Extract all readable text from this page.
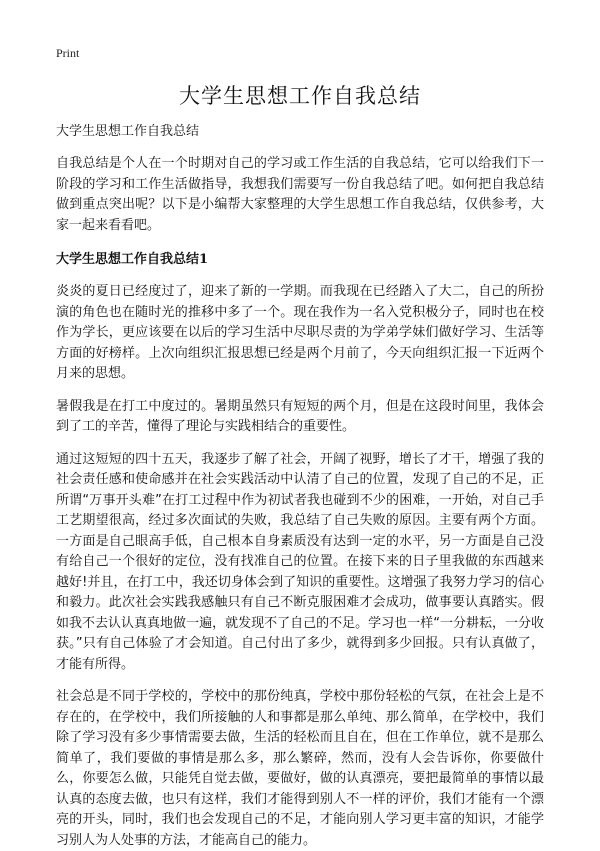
Print

大学生思想工作自我总结

大学生思想工作自我总结

自我总结是个人在一个时期对自己的学习或工作生活的自我总结，它可以给我们下一阶段的学习和工作生活做指导，我想我们需要写一份自我总结了吧。如何把自我总结做到重点突出呢？以下是小编帮大家整理的大学生思想工作自我总结，仅供参考，大家一起来看看吧。

大学生思想工作自我总结1

炎炎的夏日已经度过了，迎来了新的一学期。而我现在已经踏入了大二，自己的所扮演的角色也在随时光的推移中多了一个。现在我作为一名入党积极分子，同时也在校作为学长，更应该要在以后的学习生活中尽职尽责的为学弟学妹们做好学习、生活等方面的好榜样。上次向组织汇报思想已经是两个月前了，今天向组织汇报一下近两个月来的思想。

暑假我是在打工中度过的。暑期虽然只有短短的两个月，但是在这段时间里，我体会到了工的辛苦，懂得了理论与实践相结合的重要性。

通过这短短的四十五天，我逐步了解了社会，开阔了视野，增长了才干，增强了我的社会责任感和使命感并在社会实践活动中认清了自己的位置，发现了自己的不足，正所谓“万事开头难”在打工过程中作为初试者我也碰到不少的困难，一开始，对自己手工艺期望很高，经过多次面试的失败，我总结了自己失败的原因。主要有两个方面。一方面是自己眼高手低，自己根本自身素质没有达到一定的水平，另一方面是自己没有给自己一个很好的定位，没有找准自己的位置。在接下来的日子里我做的东西越来越好!并且，在打工中，我还切身体会到了知识的重要性。这增强了我努力学习的信心和毅力。此次社会实践我感触只有自己不断克服困难才会成功，做事要认真踏实。假如我不去认认真真地做一遍，就发现不了自己的不足。学习也一样“一分耕耘，一分收获。”只有自己体验了才会知道。自己付出了多少，就得到多少回报。只有认真做了，才能有所得。

社会总是不同于学校的，学校中的那份纯真，学校中那份轻松的气氛，在社会上是不存在的，在学校中，我们所接触的人和事都是那么单纯、那么简单，在学校中，我们除了学习没有多少事情需要去做，生活的轻松而且自在，但在工作单位，就不是那么简单了，我们要做的事情是那么多，那么繁碎，然而，没有人会告诉你，你要做什么，你要怎么做，只能凭自觉去做，要做好，做的认真漂亮，要把最简单的事情以最认真的态度去做，也只有这样，我们才能得到别人不一样的评价，我们才能有一个漂亮的开头，同时，我们也会发现自己的不足，才能向别人学习更丰富的知识，才能学习别人为人处事的方法，才能高自己的能力。
